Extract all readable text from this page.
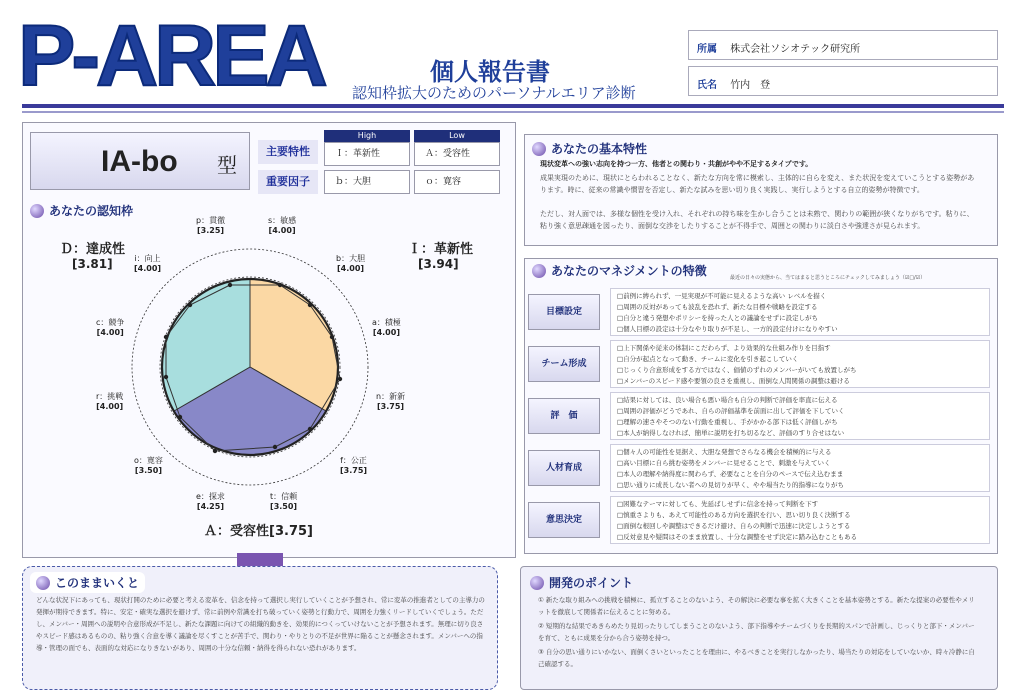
P-AREA	個人報告書
認知枠拡大のためのパーソナルエリア診断
所属 株式会社ソシオテック研究所
氏名 竹内　登
IA-bo 型
High	Low
主要特性	Ｉ：革新性	Ａ：受容性
重要因子	ｂ：大胆	ｏ：寛容
あなたの認知枠
Ｄ：達成性
[3.81]
Ｉ：革新性
[3.94]
Ａ：受容性[3.75]
p：貫徹
[3.25]
s：敏感
[4.00]
b：大胆
[4.00]
a：積極
[4.00]
n：新新
[3.75]
f：公正
[3.75]
t：信頼
[3.50]
e：探求
[4.25]
o：寛容
[3.50]
r：挑戦
[4.00]
c：競争
[4.00]
i：向上
[4.00]
あなたの基本特性
現状変革への強い志向を持つ一方、他者との関わり・共創がやや不足するタイプです。
成果実現のために、現状にとらわれることなく、新たな方向を常に模索し、主体的に自らを変え、また状況を変えていこうとする姿勢があります。時に、従来の常識や慣習を否定し、新たな試みを思い切り良く実践し、実行しようとする自立的姿勢が特徴です。
ただし、対人面では、多様な個性を受け入れ、それぞれの持ち味を生かし合うことは未熟で、関わりの範囲が狭くなりがちです。粘りに、粘り強く意思疎通を図ったり、面倒な交渉をしたりすることが不得手で、周囲との関わりに淡白さや強達さが見られます。
あなたのマネジメントの特徴	最近の日々の実態から、当てはまると思うところにチェックしてみましょう（☑□/☑）
目標設定
□前例に縛られず、一見実現が不可能に見えるような高い レベルを描く
□周囲の反対があっても波乱を恐れず、新たな目標や戦略を設定する
□自分と違う発想やポリシーを持った人との議論をせずに設定しがち
□個人目標の設定は十分なやり取りが不足し、一方的設定付けになりやすい
チーム形成
□上下関係や従来の体制にこだわらず、より効果的な仕組み作りを目指す
□自分が起点となって動き、チームに変化を引き起こしていく
□じっくり合意形成をする方ではなく、価値のずれのメンバーがいても放置しがち
□メンバーのスピード感や要領の良さを重視し、面倒な人間関係の調整は避ける
評　価
□結果に対しては、良い場合も悪い場合も自分の判断で評価を率直に伝える
□周囲の評価がどうであれ、自らの評価基準を前面に出して評価を下していく
□理解の速さやそつのない行動を重視し、手がかかる部下は低く評価しがち
□本人が納得しなければ、簡単に説明を打ち切るなど、評価のすり合せはない
人材育成
□個々人の可能性を見据え、大胆な発想でさらなる機会を積極的に与える
□高い目標に自ら挑む姿勢をメンバーに見せることで、刺激を与えていく
□本人の理解や納得度に関わらず、必要なことを自分のペースで伝え込むまま
□思い通りに成長しない者への見切りが早く、やや場当たり的指導になりがち
意思決定
□困難なテーマに対しても、先延ばしせずに信念を持って判断を下す
□慎重さよりも、あえて可能性のある方向を選択を行い、思い切り良く決断する
□面倒な根回しや調整はできるだけ避け、自らの判断で迅速に決定しようとする
□反対意見や疑問はそのまま放置し、十分な調整をせず決定に踏み込むこともある
このままいくと
どんな状況下にあっても、現状打開のために必要と考える変革を、信念を持って選択し実行していくことが予想され、常に変革の推進者としての主導力の発揮が期待できます。特に、安定・確実な選択を避けず、常に前例や常識を打ち破っていく姿勢と行動力で、周囲を力強くリードしていくでしょう。ただし、メンバー・周囲への説明や合意形成が不足し、新たな課題に向けての組織的動きを、効果的につくっていけないことが予想されます。無理に切り良さやスピード感はあるものの、粘り強く合意を導く議論を尽くすことが苦手で、関わり・やりとりの不足が世界に陥ることが懸念されます。メンバーへの指導・管理の面でも、表面的な対応になりきないがあり、周囲の十分な信頼・納得を得られない恐れがあります。
開発のポイント
① 新たな取り組みへの挑戦を積極に、孤立することのないよう、その解決に必要な事を拡く大きくことを基本姿勢とする。新たな提案の必要性やメリットを徹底して関係者に伝えることに努める。
② 短期的な結果であきらめたり見切ったりしてしまうことのないよう、部下指導やチームづくりを長期的スパンで計画し、じっくりと部下・メンバーを育て、ともに成果を分から合う姿勢を持つ。
③ 自分の思い通りにいかない、面倒くさいといったことを理由に、やるべきことを実行しなかったり、場当たりの対応をしていないか、時々冷静に自己確認する。
